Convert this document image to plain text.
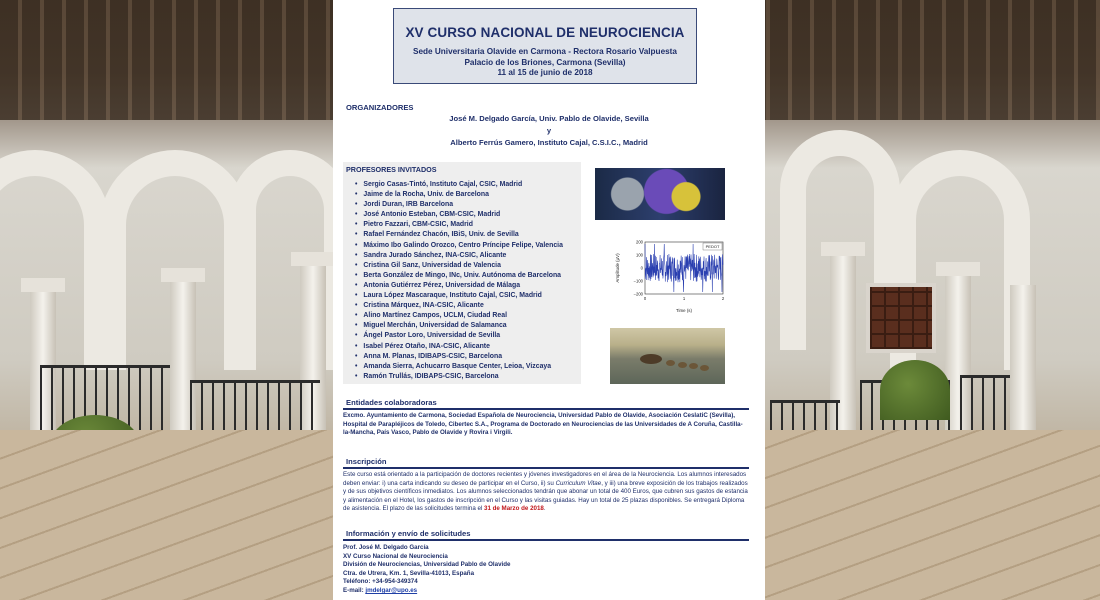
XV CURSO NACIONAL DE NEUROCIENCIA
Sede Universitaria Olavide en Carmona - Rectora Rosario Valpuesta
Palacio de los Briones, Carmona (Sevilla)
11 al 15 de junio de 2018
ORGANIZADORES
José M. Delgado García, Univ. Pablo de Olavide, Sevilla
y
Alberto Ferrús Gamero, Instituto Cajal, C.S.I.C., Madrid
PROFESORES INVITADOS
• Sergio Casas-Tintó, Instituto Cajal, CSIC, Madrid
• Jaime de la Rocha, Univ. de Barcelona
• Jordi Duran, IRB Barcelona
• José Antonio Esteban, CBM-CSIC, Madrid
• Pietro Fazzari, CBM-CSIC, Madrid
• Rafael Fernández Chacón, IBiS, Univ. de Sevilla
• Máximo Ibo Galindo Orozco, Centro Príncipe Felipe, Valencia
• Sandra Jurado Sánchez, INA-CSIC, Alicante
• Cristina Gil Sanz, Universidad de Valencia
• Berta González de Mingo, INc, Univ. Autónoma de Barcelona
• Antonia Gutiérrez Pérez, Universidad de Málaga
• Laura López Mascaraque, Instituto Cajal, CSIC, Madrid
• Cristina Márquez, INA-CSIC, Alicante
• Alino Martínez Campos, UCLM, Ciudad Real
• Miguel Merchán, Universidad de Salamanca
• Ángel Pastor Loro, Universidad de Sevilla
• Isabel Pérez Otaño, INA-CSIC, Alicante
• Anna M. Planas, IDIBAPS-CSIC, Barcelona
• Amanda Sierra, Achucarro Basque Center, Leioa, Vizcaya
• Ramón Trullás, IDIBAPS-CSIC, Barcelona
PEDOT
200
100
0
−100
−200
0	1	2
Amplitude (µV)
Time (s)
Entidades colaboradoras
Excmo. Ayuntamiento de Carmona, Sociedad Española de Neurociencia, Universidad Pablo de Olavide, Asociación CeslatiC (Sevilla), Hospital de Parapléjicos de Toledo, Cibertec S.A., Programa de Doctorado en Neurociencias de las Universidades de A Coruña, Castilla-la-Mancha, País Vasco, Pablo de Olavide y Rovira i Virgili.
Inscripción
Este curso está orientado a la participación de doctores recientes y jóvenes investigadores en el área de la Neurociencia. Los alumnos interesados deben enviar: i) una carta indicando su deseo de participar en el Curso, ii) su Curriculum Vitae, y iii) una breve exposición de los trabajos realizados y de sus objetivos científicos inmediatos. Los alumnos seleccionados tendrán que abonar un total de 400 Euros, que cubren sus gastos de estancia y alimentación en el Hotel, los gastos de inscripción en el Curso y las visitas guiadas. Hay un total de 25 plazas disponibles. Se entregará Diploma de asistencia. El plazo de las solicitudes termina el 31 de Marzo de 2018.
Información y envío de solicitudes
Prof. José M. Delgado García
XV Curso Nacional de Neurociencia
División de Neurociencias, Universidad Pablo de Olavide
Ctra. de Utrera, Km. 1, Sevilla-41013, España
Teléfono: +34-954-349374
E-mail: jmdelgar@upo.es
